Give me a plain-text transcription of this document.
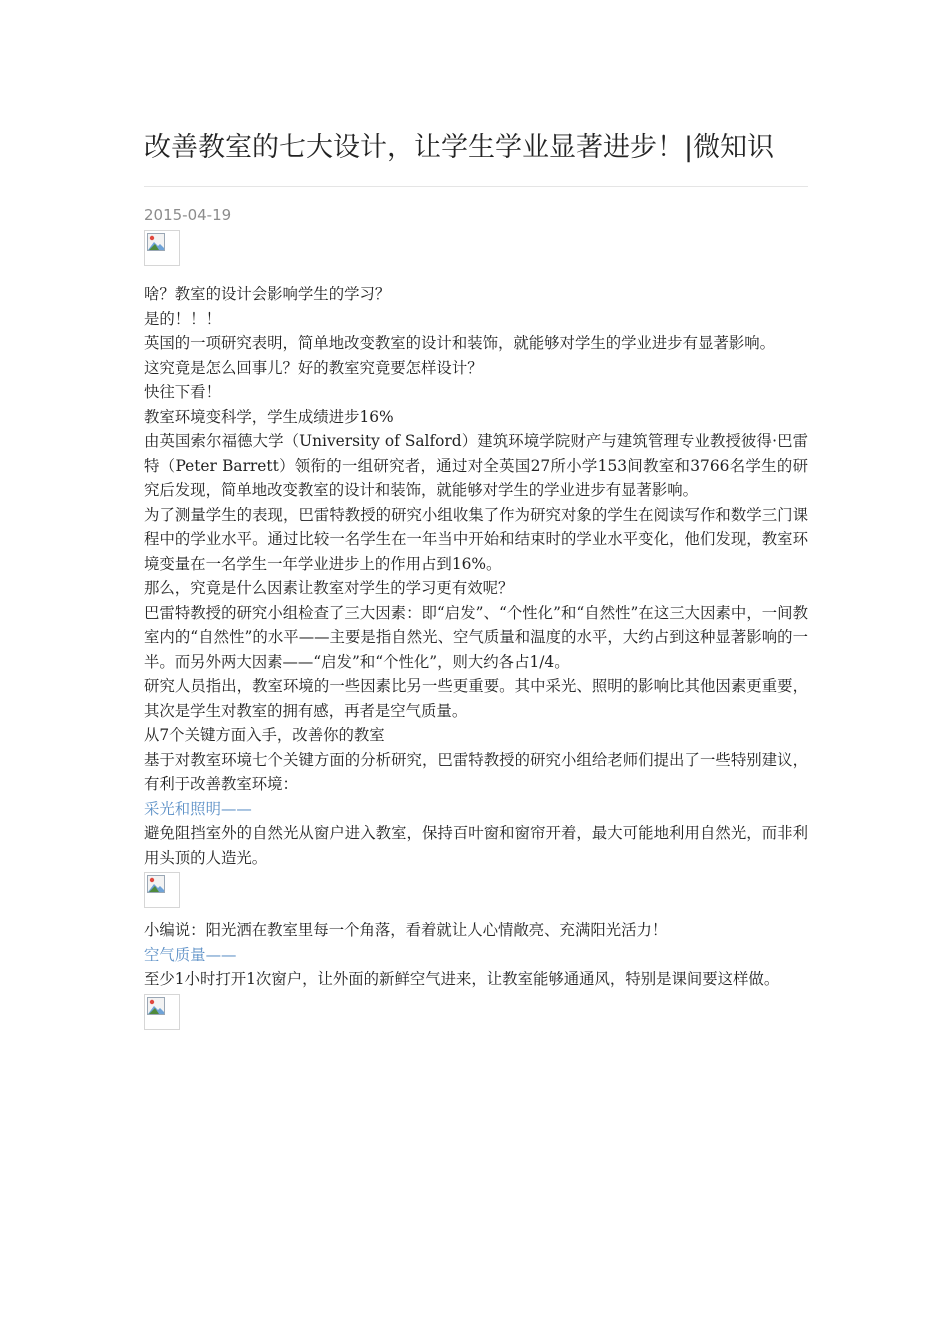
改善教室的七大设计，让学生学业显著进步！|微知识
2015-04-19

啥？教室的设计会影响学生的学习？

是的！！！

英国的一项研究表明，简单地改变教室的设计和装饰，就能够对学生的学业进步有显著影响。

这究竟是怎么回事儿？好的教室究竟要怎样设计？

快往下看！

教室环境变科学，学生成绩进步16%

由英国索尔福德大学（University of Salford）建筑环境学院财产与建筑管理专业教授彼得·巴雷特（Peter Barrett）领衔的一组研究者，通过对全英国27所小学153间教室和3766名学生的研究后发现，简单地改变教室的设计和装饰，就能够对学生的学业进步有显著影响。

为了测量学生的表现，巴雷特教授的研究小组收集了作为研究对象的学生在阅读写作和数学三门课程中的学业水平。通过比较一名学生在一年当中开始和结束时的学业水平变化，他们发现，教室环境变量在一名学生一年学业进步上的作用占到16%。

那么，究竟是什么因素让教室对学生的学习更有效呢？

巴雷特教授的研究小组检查了三大因素：即“启发”、“个性化”和“自然性”在这三大因素中，一间教室内的“自然性”的水平——主要是指自然光、空气质量和温度的水平，大约占到这种显著影响的一半。而另外两大因素——“启发”和“个性化”，则大约各占1/4。

研究人员指出，教室环境的一些因素比另一些更重要。其中采光、照明的影响比其他因素更重要，其次是学生对教室的拥有感，再者是空气质量。

从7个关键方面入手，改善你的教室

基于对教室环境七个关键方面的分析研究，巴雷特教授的研究小组给老师们提出了一些特别建议，有利于改善教室环境：

采光和照明——

避免阻挡室外的自然光从窗户进入教室，保持百叶窗和窗帘开着，最大可能地利用自然光，而非利用头顶的人造光。

小编说：阳光洒在教室里每一个角落，看着就让人心情敞亮、充满阳光活力！

空气质量——

至少1小时打开1次窗户，让外面的新鲜空气进来，让教室能够通通风，特别是课间要这样做。
